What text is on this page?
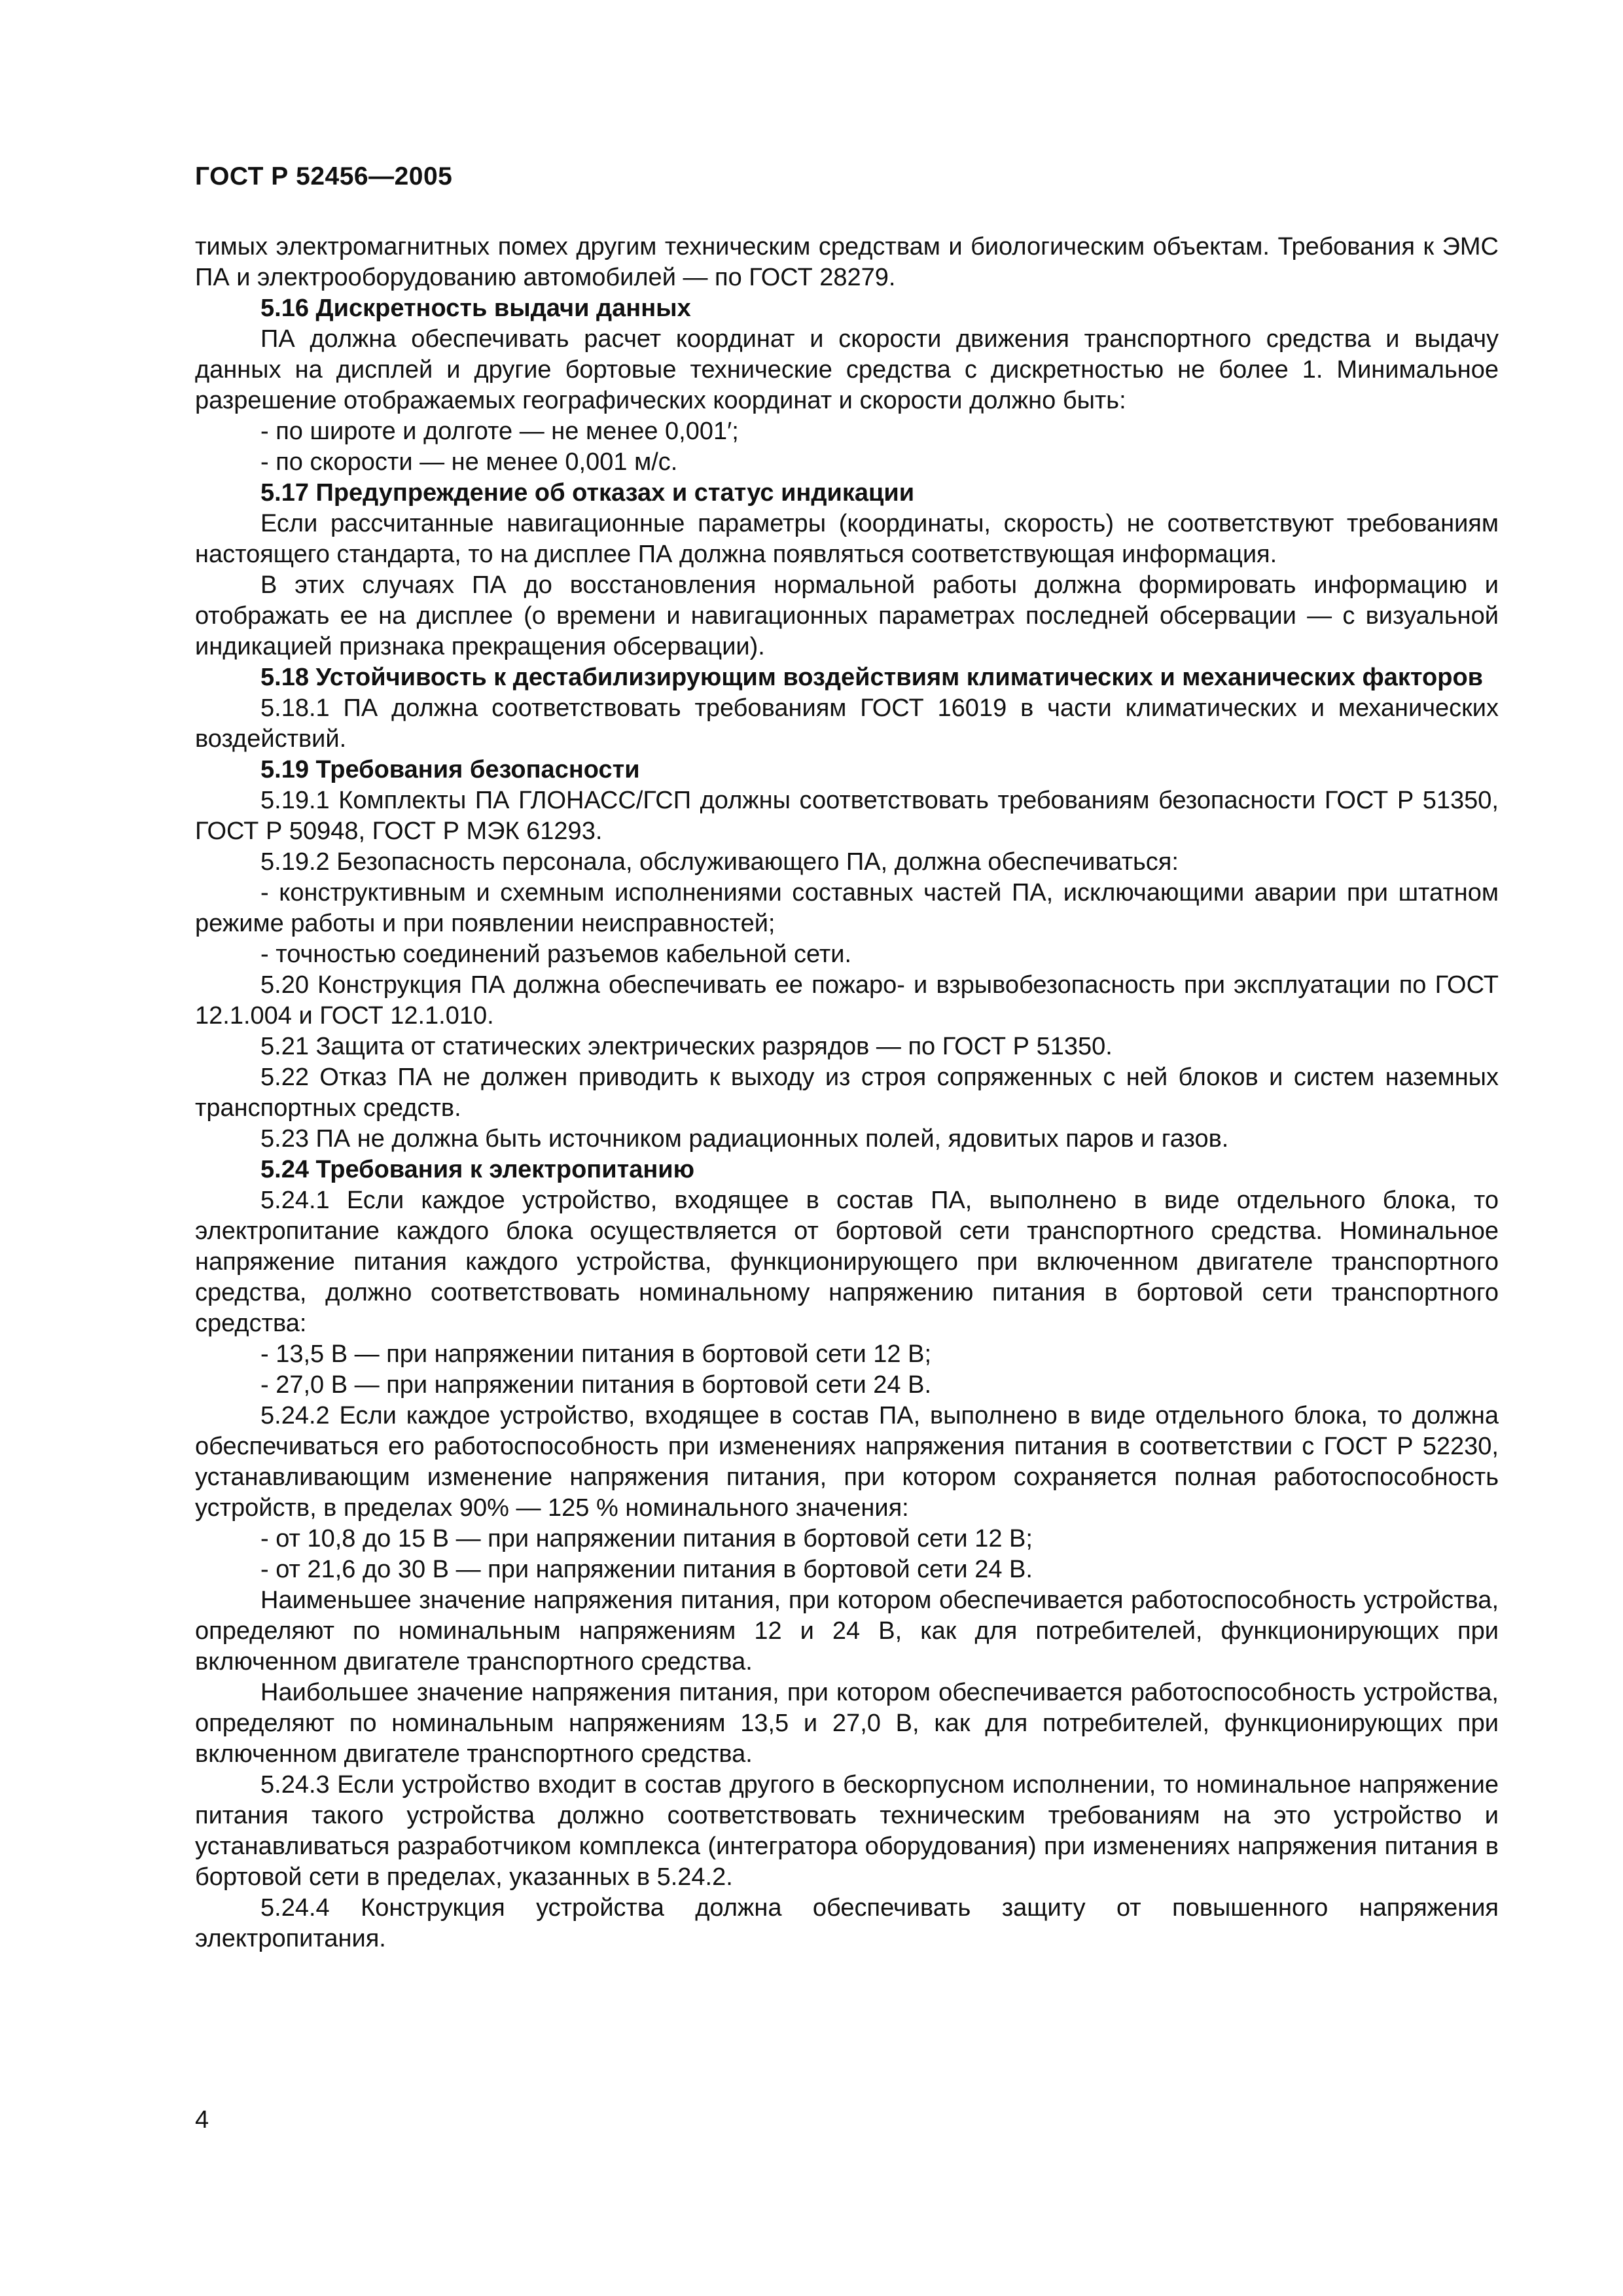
ГОСТ Р 52456—2005

тимых электромагнитных помех другим техническим средствам и биологическим объектам. Требования к ЭМС ПА и электрооборудованию автомобилей — по ГОСТ 28279.

5.16 Дискретность выдачи данных

ПА должна обеспечивать расчет координат и скорости движения транспортного средства и выдачу данных на дисплей и другие бортовые технические средства с дискретностью не более 1. Минимальное разрешение отображаемых географических координат и скорости должно быть:

- по широте и долготе — не менее 0,001′;

- по скорости — не менее 0,001 м/с.

5.17 Предупреждение об отказах и статус индикации

Если рассчитанные навигационные параметры (координаты, скорость) не соответствуют требованиям настоящего стандарта, то на дисплее ПА должна появляться соответствующая информация.

В этих случаях ПА до восстановления нормальной работы должна формировать информацию и отображать ее на дисплее (о времени и навигационных параметрах последней обсервации — с визуальной индикацией признака прекращения обсервации).

5.18 Устойчивость к дестабилизирующим воздействиям климатических и механических факторов

5.18.1 ПА должна соответствовать требованиям ГОСТ 16019 в части климатических и механических воздействий.

5.19 Требования безопасности

5.19.1 Комплекты ПА ГЛОНАСС/ГСП должны соответствовать требованиям безопасности ГОСТ Р 51350, ГОСТ Р 50948, ГОСТ Р МЭК 61293.

5.19.2 Безопасность персонала, обслуживающего ПА, должна обеспечиваться:

- конструктивным и схемным исполнениями составных частей ПА, исключающими аварии при штатном режиме работы и при появлении неисправностей;

- точностью соединений разъемов кабельной сети.

5.20 Конструкция ПА должна обеспечивать ее пожаро- и взрывобезопасность при эксплуатации по ГОСТ 12.1.004 и ГОСТ 12.1.010.

5.21 Защита от статических электрических разрядов — по ГОСТ Р 51350.

5.22 Отказ ПА не должен приводить к выходу из строя сопряженных с ней блоков и систем наземных транспортных средств.

5.23 ПА не должна быть источником радиационных полей, ядовитых паров и газов.

5.24 Требования к электропитанию

5.24.1 Если каждое устройство, входящее в состав ПА, выполнено в виде отдельного блока, то электропитание каждого блока осуществляется от бортовой сети транспортного средства. Номинальное напряжение питания каждого устройства, функционирующего при включенном двигателе транспортного средства, должно соответствовать номинальному напряжению питания в бортовой сети транспортного средства:

- 13,5 В — при напряжении питания в бортовой сети 12 В;

- 27,0 В — при напряжении питания в бортовой сети 24 В.

5.24.2 Если каждое устройство, входящее в состав ПА, выполнено в виде отдельного блока, то должна обеспечиваться его работоспособность при изменениях напряжения питания в соответствии с ГОСТ Р 52230, устанавливающим изменение напряжения питания, при котором сохраняется полная работоспособность устройств, в пределах 90% — 125 % номинального значения:

- от 10,8 до 15 В — при напряжении питания в бортовой сети 12 В;

- от 21,6 до 30 В — при напряжении питания в бортовой сети 24 В.

Наименьшее значение напряжения питания, при котором обеспечивается работоспособность устройства, определяют по номинальным напряжениям 12 и 24 В, как для потребителей, функционирующих при включенном двигателе транспортного средства.

Наибольшее значение напряжения питания, при котором обеспечивается работоспособность устройства, определяют по номинальным напряжениям 13,5 и 27,0 В, как для потребителей, функционирующих при включенном двигателе транспортного средства.

5.24.3 Если устройство входит в состав другого в бескорпусном исполнении, то номинальное напряжение питания такого устройства должно соответствовать техническим требованиям на это устройство и устанавливаться разработчиком комплекса (интегратора оборудования) при изменениях напряжения питания в бортовой сети в пределах, указанных в 5.24.2.

5.24.4 Конструкция устройства должна обеспечивать защиту от повышенного напряжения электропитания.

4
